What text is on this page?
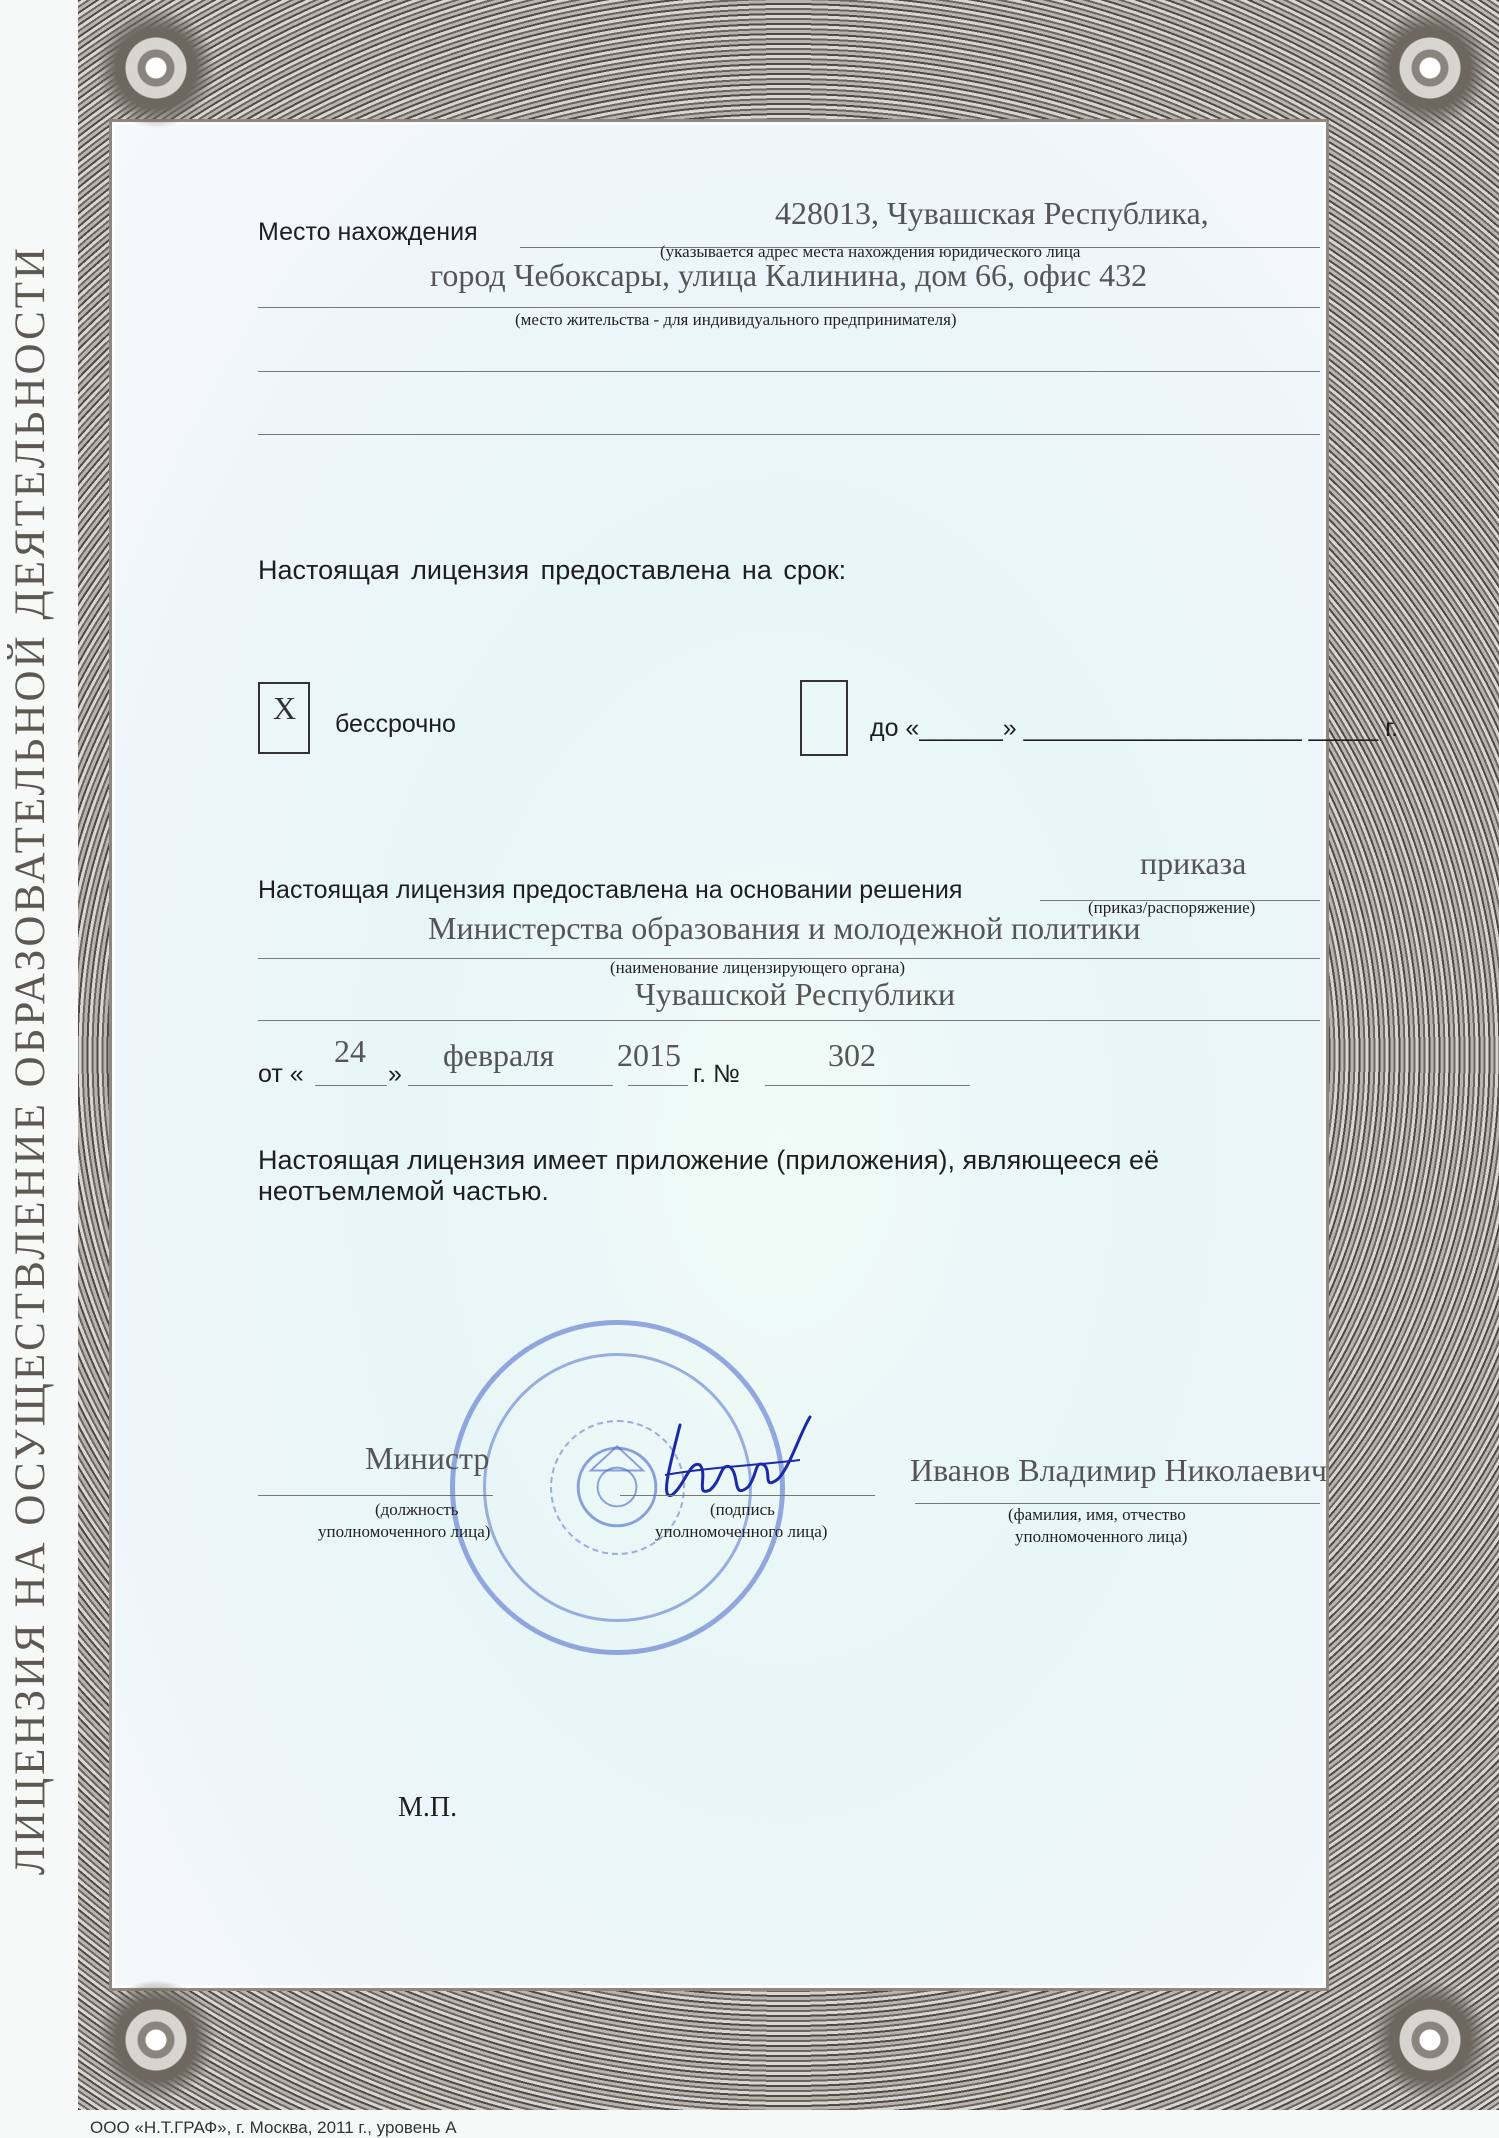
ЛИЦЕНЗИЯ НА ОСУЩЕСТВЛЕНИЕ ОБРАЗОВАТЕЛЬНОЙ ДЕЯТЕЛЬНОСТИ
Место нахождения
428013, Чувашская Республика,
(указывается адрес места нахождения юридического лица
город Чебоксары, улица Калинина, дом 66, офис 432
(место жительства - для индивидуального предпринимателя)
Настоящая лицензия предоставлена на срок:
X бессрочно	до «______» ____________________ _____ г.
Настоящая лицензия предоставлена на основании решения
приказа
(приказ/распоряжение)
Министерства образования и молодежной политики
(наименование лицензирующего органа)
Чувашской Республики
от «
24
»
февраля 2015
г. №
302
Настоящая лицензия имеет приложение (приложения), являющееся её
неотъемлемой частью.
Министр
(должность
уполномоченного лица)
(подпись
уполномоченного лица)
Иванов Владимир Николаевич
(фамилия, имя, отчество
уполномоченного лица)
М.П.
ООО «Н.Т.ГРАФ», г. Москва, 2011 г., уровень А
